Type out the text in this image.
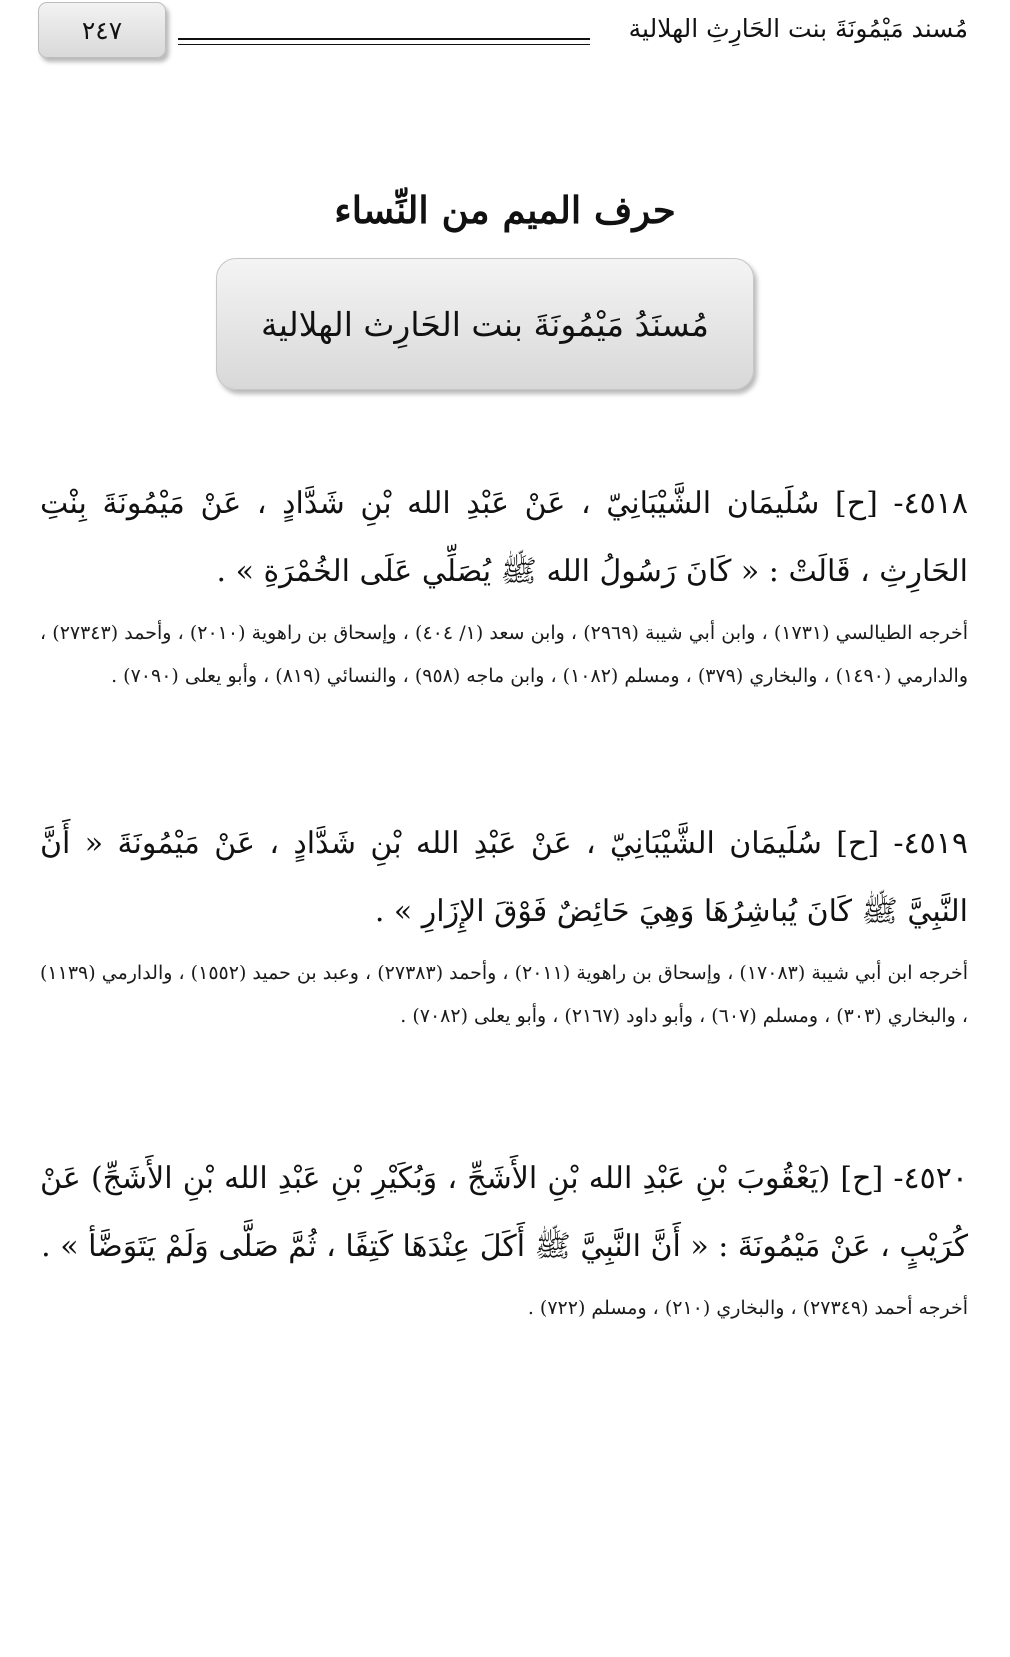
مُسند مَيْمُونَةَ بنت الحَارِثِ الهلالية
٢٤٧
حرف الميم من النِّساء
مُسنَدُ مَيْمُونَةَ بنت الحَارِث الهلالية

٤٥١٨- [ح] سُلَيمَان الشَّيْبَانِيّ ، عَنْ عَبْدِ الله بْنِ شَدَّادٍ ، عَنْ مَيْمُونَةَ بِنْتِ الحَارِثِ ، قَالَتْ : « كَانَ رَسُولُ الله ﷺ يُصَلِّي عَلَى الخُمْرَةِ » .

أخرجه الطيالسي (١٧٣١) ، وابن أبي شيبة (٢٩٦٩) ، وابن سعد (١/ ٤٠٤) ، وإسحاق بن راهوية (٢٠١٠) ، وأحمد (٢٧٣٤٣) ، والدارمي (١٤٩٠) ، والبخاري (٣٧٩) ، ومسلم (١٠٨٢) ، وابن ماجه (٩٥٨) ، والنسائي (٨١٩) ، وأبو يعلى (٧٠٩٠) .

٤٥١٩- [ح] سُلَيمَان الشَّيْبَانِيّ ، عَنْ عَبْدِ الله بْنِ شَدَّادٍ ، عَنْ مَيْمُونَةَ « أَنَّ النَّبِيَّ ﷺ كَانَ يُباشِرُهَا وَهِيَ حَائِضٌ فَوْقَ الإِزَارِ » .

أخرجه ابن أبي شيبة (١٧٠٨٣) ، وإسحاق بن راهوية (٢٠١١) ، وأحمد (٢٧٣٨٣) ، وعبد بن حميد (١٥٥٢) ، والدارمي (١١٣٩) ، والبخاري (٣٠٣) ، ومسلم (٦٠٧) ، وأبو داود (٢١٦٧) ، وأبو يعلى (٧٠٨٢) .

٤٥٢٠- [ح] (يَعْقُوبَ بْنِ عَبْدِ الله بْنِ الأَشَجِّ ، وَبُكَيْرِ بْنِ عَبْدِ الله بْنِ الأَشَجِّ) عَنْ كُرَيْبٍ ، عَنْ مَيْمُونَةَ : « أَنَّ النَّبِيَّ ﷺ أَكَلَ عِنْدَهَا كَتِفًا ، ثُمَّ صَلَّى وَلَمْ يَتَوَضَّأ » .

أخرجه أحمد (٢٧٣٤٩) ، والبخاري (٢١٠) ، ومسلم (٧٢٢) .
